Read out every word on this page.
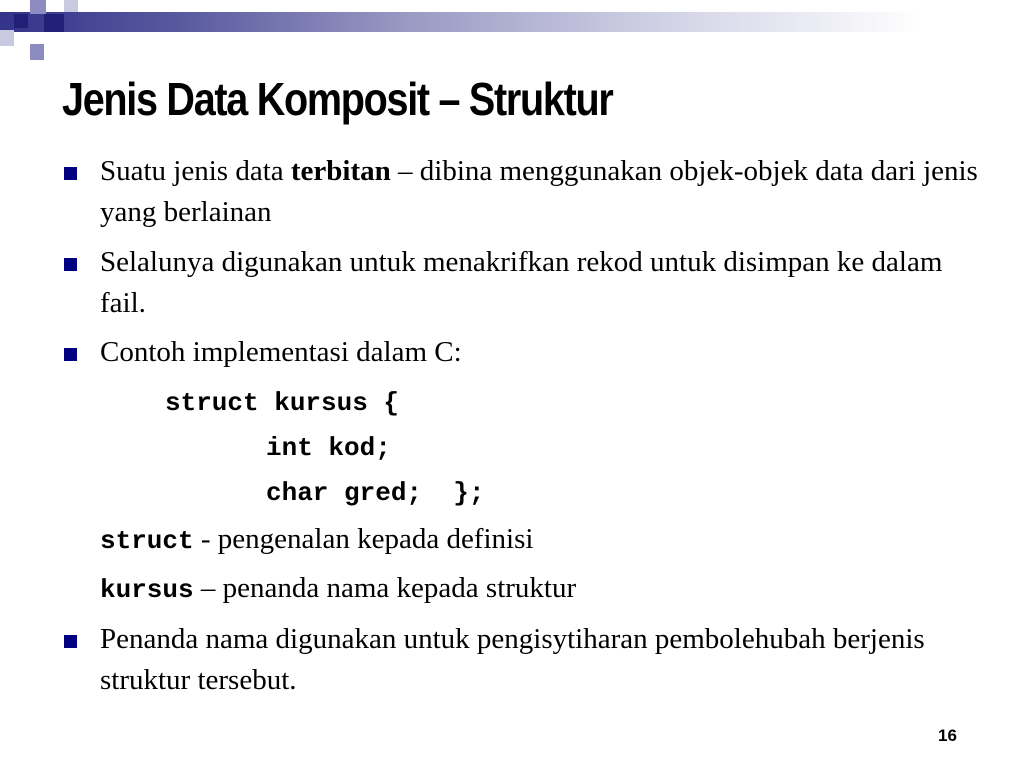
Jenis Data Komposit – Struktur
Suatu jenis data terbitan – dibina menggunakan objek-objek data dari jenis yang berlainan
Selalunya digunakan untuk menakrifkan rekod untuk disimpan ke dalam fail.
Contoh implementasi dalam C:
struct kursus {
int kod;
char gred;  };
struct - pengenalan kepada definisi
kursus – penanda nama kepada struktur
Penanda nama digunakan untuk pengisytiharan pembolehubah berjenis struktur tersebut.
16
